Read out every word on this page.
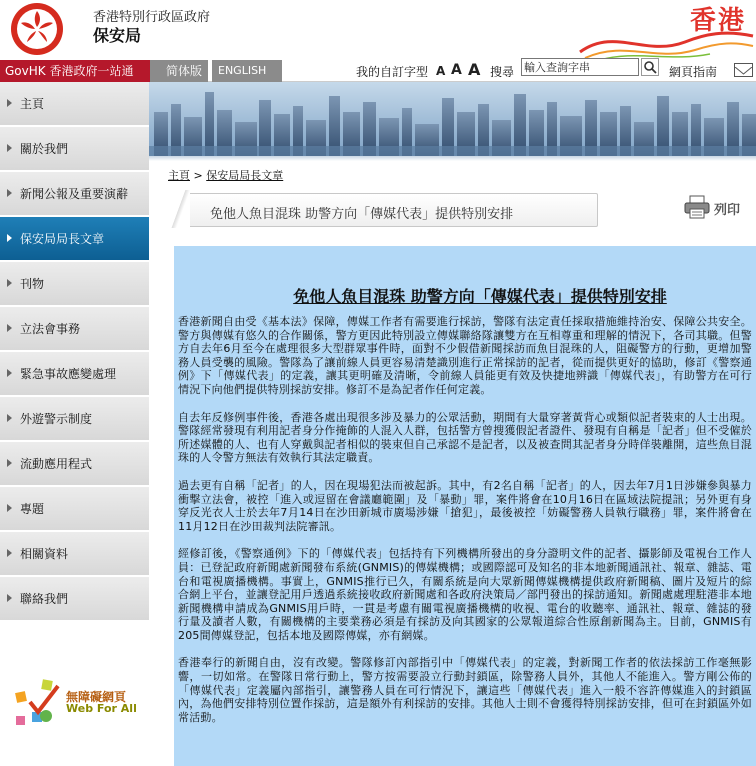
香港特別行政區政府
保安局	香港
GovHK 香港政府一站通	简体版	ENGLISH	我的自訂字型 A A A 搜尋	網頁指南
輸入查詢字串
主頁
關於我們
新聞公報及重要演辭
保安局局長文章
刊物
立法會事務
緊急事故應變處理
外遊警示制度
流動應用程式
專題
相關資料
聯絡我們
無障礙網頁
Web For All
主頁 > 保安局局長文章
免他人魚目混珠 助警方向「傳媒代表」提供特別安排	列印
免他人魚目混珠 助警方向「傳媒代表」提供特別安排

香港新聞自由受《基本法》保障，傳媒工作者有需要進行採訪，警隊有法定責任採取措施維持治安、保障公共安全。警方與傳媒有悠久的合作關係，警方更因此特別設立傳媒聯絡隊讓雙方在互相尊重和理解的情況下，各司其職。但警方自去年6月至今在處理很多大型群眾事件時，面對不少假借新聞採訪而魚目混珠的人，阻礙警方的行動，更增加警務人員受襲的風險。警隊為了讓前線人員更容易清楚識別進行正常採訪的記者，從而提供更好的協助，修訂《警察通例》下「傳媒代表」的定義，讓其更明確及清晰，令前線人員能更有效及快捷地辨識「傳媒代表」，有助警方在可行情況下向他們提供特別採訪安排。修訂不是為記者作任何定義。

自去年反修例事件後，香港各處出現很多涉及暴力的公眾活動，期間有大量穿著黃背心或類似記者裝束的人士出現。警隊經常發現有利用記者身分作掩飾的人混入人群，包括警方曾搜獲假記者證件、發現有自稱是「記者」但不受僱於所述媒體的人、也有人穿戴與記者相似的裝束但自己承認不是記者，以及被查問其記者身分時佯裝離開，這些魚目混珠的人令警方無法有效執行其法定職責。

過去更有自稱「記者」的人，因在現場犯法而被起訴。其中，有2名自稱「記者」的人，因去年7月1日涉嫌參與暴力衝擊立法會，被控「進入或逗留在會議廳範圍」及「暴動」罪，案件將會在10月16日在區域法院提訊；另外更有身穿反光衣人士於去年7月14日在沙田新城市廣場涉嫌「搶犯」，最後被控「妨礙警務人員執行職務」罪，案件將會在11月12日在沙田裁判法院審訊。

經修訂後，《警察通例》下的「傳媒代表」包括持有下列機構所發出的身分證明文件的記者、攝影師及電視台工作人員：已登記政府新聞處新聞發布系統(GNMIS)的傳媒機構；或國際認可及知名的非本地新聞通訊社、報章、雜誌、電台和電視廣播機構。事實上，GNMIS推行已久，有關系統是向大眾新聞傳媒機構提供政府新聞稿、圖片及短片的綜合網上平台，並讓登記用戶透過系統接收政府新聞處和各政府決策局／部門發出的採訪通知。新聞處處理駐港非本地新聞機構申請成為GNMIS用戶時，一貫是考慮有關電視廣播機構的收視、電台的收聽率、通訊社、報章、雜誌的發行量及讀者人數，有關機構的主要業務必須是有採訪及向其國家的公眾報道綜合性原創新聞為主。目前，GNMIS有205間傳媒登記，包括本地及國際傳媒，亦有網媒。

香港奉行的新聞自由，沒有改變。警隊修訂內部指引中「傳媒代表」的定義，對新聞工作者的依法採訪工作毫無影響，一切如常。在警隊日常行動上，警方按需要設立行動封鎖區，除警務人員外，其他人不能進入。警方剛公佈的「傳媒代表」定義屬內部指引，讓警務人員在可行情況下，讓這些「傳媒代表」進入一般不容許傳媒進入的封鎖區內，為他們安排特別位置作採訪，這是額外有利採訪的安排。其他人士則不會獲得特別採訪安排，但可在封鎖區外如常活動。
